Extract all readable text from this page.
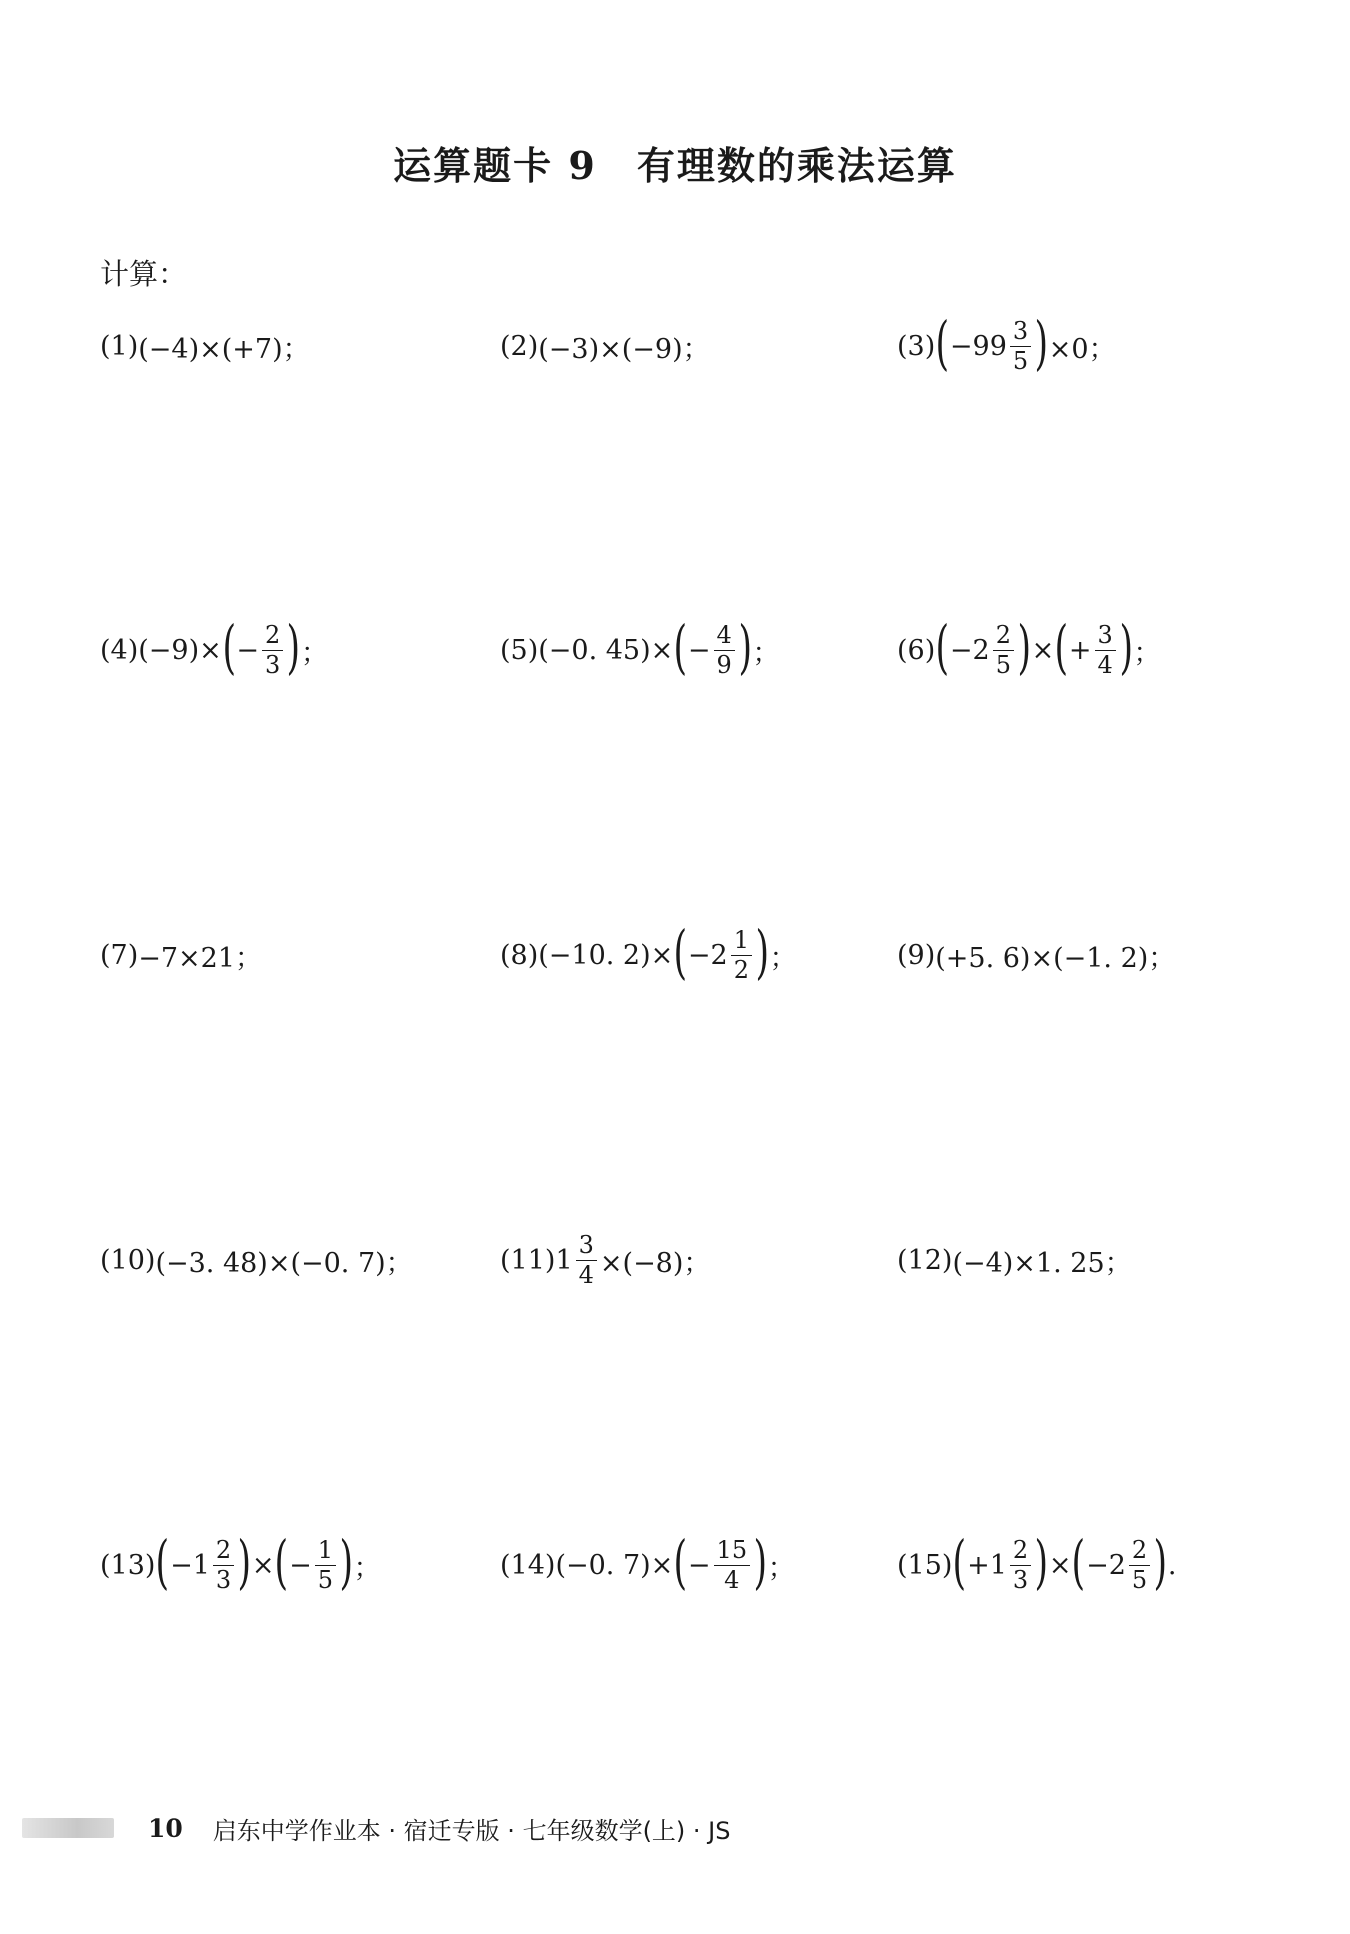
运算题卡 9　有理数的乘法运算
计算：
(1) (−4)×(+7)；	(2) (−3)×(−9)；	(3) ( $-99 \frac{3}{5}$ ) ×0；
(4) (−9)× ( − $\frac{2}{3}$ ) ；	(5) (−0. 45)× ( − $\frac{4}{9}$ ) ；	(6) ( $-2 \frac{2}{5}$ ) × ( + $\frac{3}{4}$ ) ；
(7) −7×21；	(8) (−10. 2)× ( $-2 \frac{1}{2}$ ) ；	(9) (+5. 6)×(−1. 2)；
(10) (−3. 48)×(−0. 7)；	(11) $1 \frac{3}{4} \times(-8)$；	(12) (−4)×1. 25；
(13) ( $-1 \frac{2}{3}$ ) × ( − $\frac{1}{5}$ ) ；	(14) (−0. 7)× ( − $\frac{15}{4}$ ) ；	(15) ( $+1 \frac{2}{3}$ ) × ( $-2 \frac{2}{5}$ ) .
10 启东中学作业本 · 宿迁专版 · 七年级数学(上) · JS
